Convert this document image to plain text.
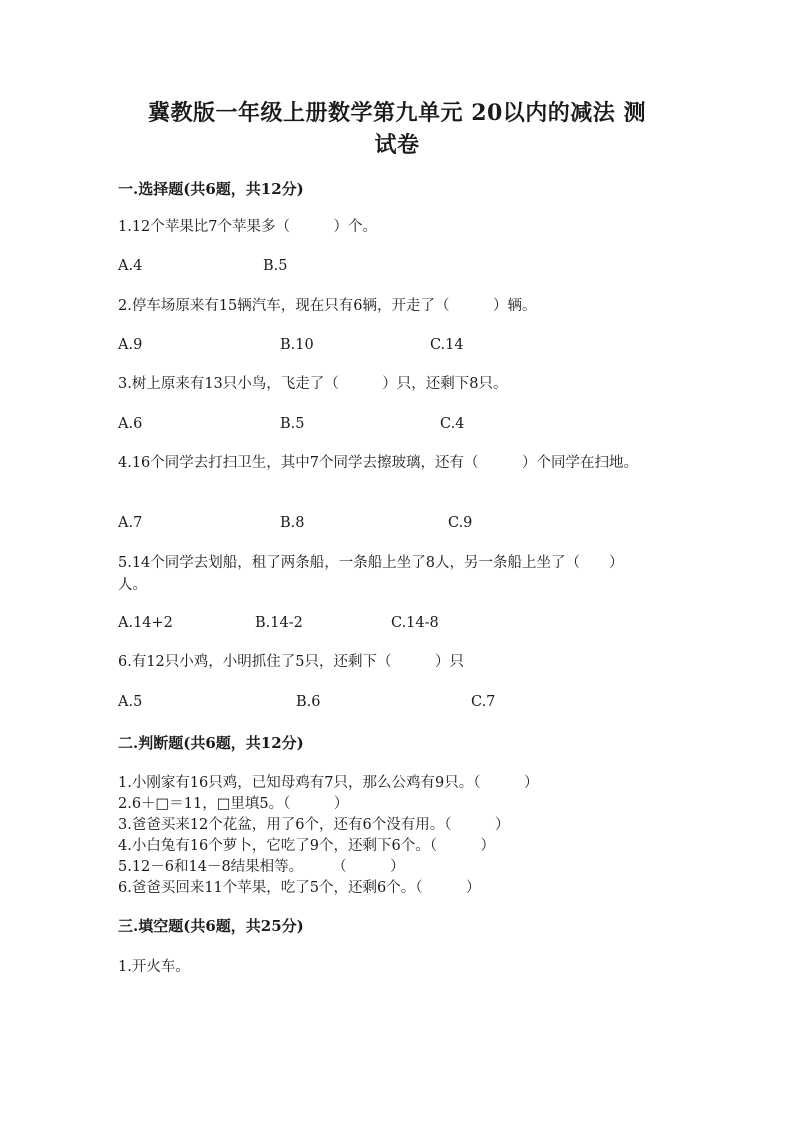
冀教版一年级上册数学第九单元 20以内的减法 测
试卷
一.选择题(共6题，共12分)
1.12个苹果比7个苹果多（　　　）个。
A.4	B.5
2.停车场原来有15辆汽车，现在只有6辆，开走了（　　　）辆。
A.9	B.10	C.14
3.树上原来有13只小鸟，飞走了（　　　）只，还剩下8只。
A.6	B.5	C.4
4.16个同学去打扫卫生，其中7个同学去擦玻璃，还有（　　　）个同学在扫地。
A.7	B.8	C.9
5.14个同学去划船，租了两条船，一条船上坐了8人，另一条船上坐了（　　）人。
A.14+2	B.14-2	C.14-8
6.有12只小鸡，小明抓住了5只，还剩下（　　　）只
A.5	B.6	C.7
二.判断题(共6题，共12分)
1.小刚家有16只鸡，已知母鸡有7只，那么公鸡有9只。（　　　）
2.6＋□＝11，□里填5。（　　　）
3.爸爸买来12个花盆，用了6个，还有6个没有用。（　　　）
4.小白兔有16个萝卜，它吃了9个，还剩下6个。（　　　）
5.12－6和14－8结果相等。　　　（　　　）
6.爸爸买回来11个苹果，吃了5个，还剩6个。（　　　）
三.填空题(共6题，共25分)
1.开火车。
